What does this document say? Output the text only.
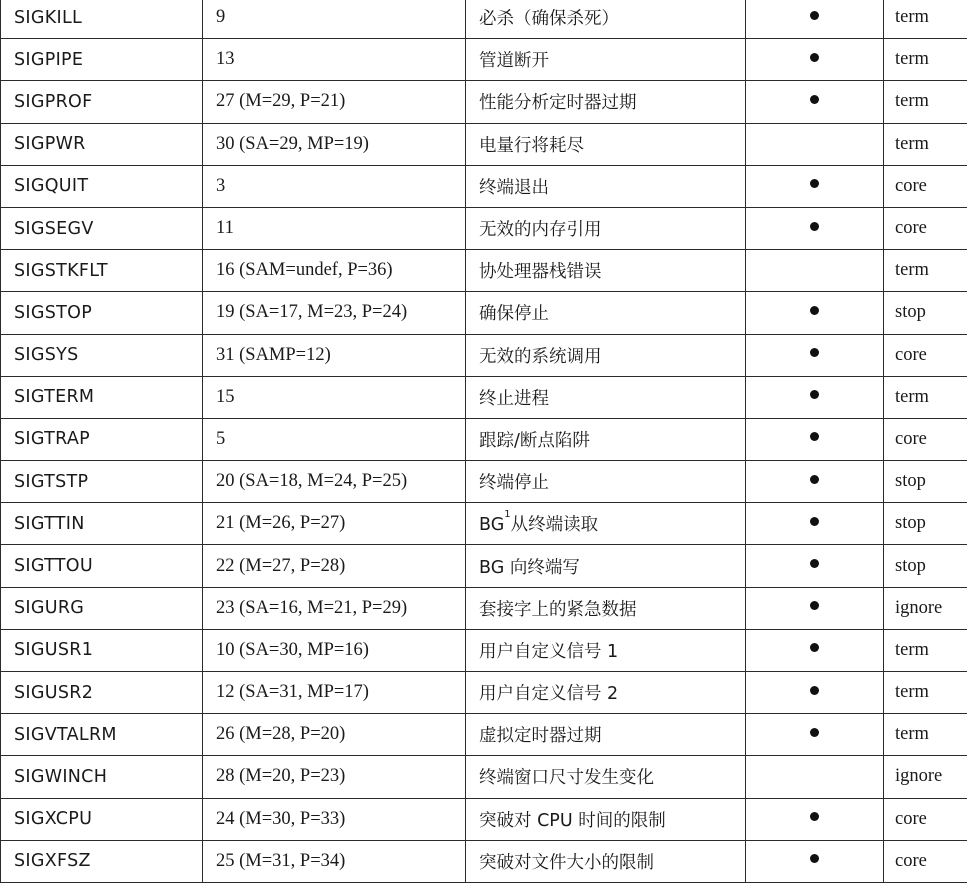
SIGKILL	9	必杀（确保杀死）		term	
SIGPIPE	13	管道断开		term	
SIGPROF	27 (M=29, P=21)	性能分析定时器过期		term	
SIGPWR	30 (SA=29, MP=19)	电量行将耗尽		term	
SIGQUIT	3	终端退出		core	
SIGSEGV	11	无效的内存引用		core	
SIGSTKFLT	16 (SAM=undef, P=36)	协处理器栈错误		term	
SIGSTOP	19 (SA=17, M=23, P=24)	确保停止		stop	
SIGSYS	31 (SAMP=12)	无效的系统调用		core	
SIGTERM	15	终止进程		term	
SIGTRAP	5	跟踪/断点陷阱		core	
SIGTSTP	20 (SA=18, M=24, P=25)	终端停止		stop	
SIGTTIN	21 (M=26, P=27)	$BG^1$从终端读取		stop	
SIGTTOU	22 (M=27, P=28)	BG 向终端写		stop	
SIGURG	23 (SA=16, M=21, P=29)	套接字上的紧急数据		ignore	
SIGUSR1	10 (SA=30, MP=16)	用户自定义信号 1		term	
SIGUSR2	12 (SA=31, MP=17)	用户自定义信号 2		term	
SIGVTALRM	26 (M=28, P=20)	虚拟定时器过期		term	
SIGWINCH	28 (M=20, P=23)	终端窗口尺寸发生变化		ignore	
SIGXCPU	24 (M=30, P=33)	突破对 CPU 时间的限制		core	
SIGXFSZ	25 (M=31, P=34)	突破对文件大小的限制		core	
